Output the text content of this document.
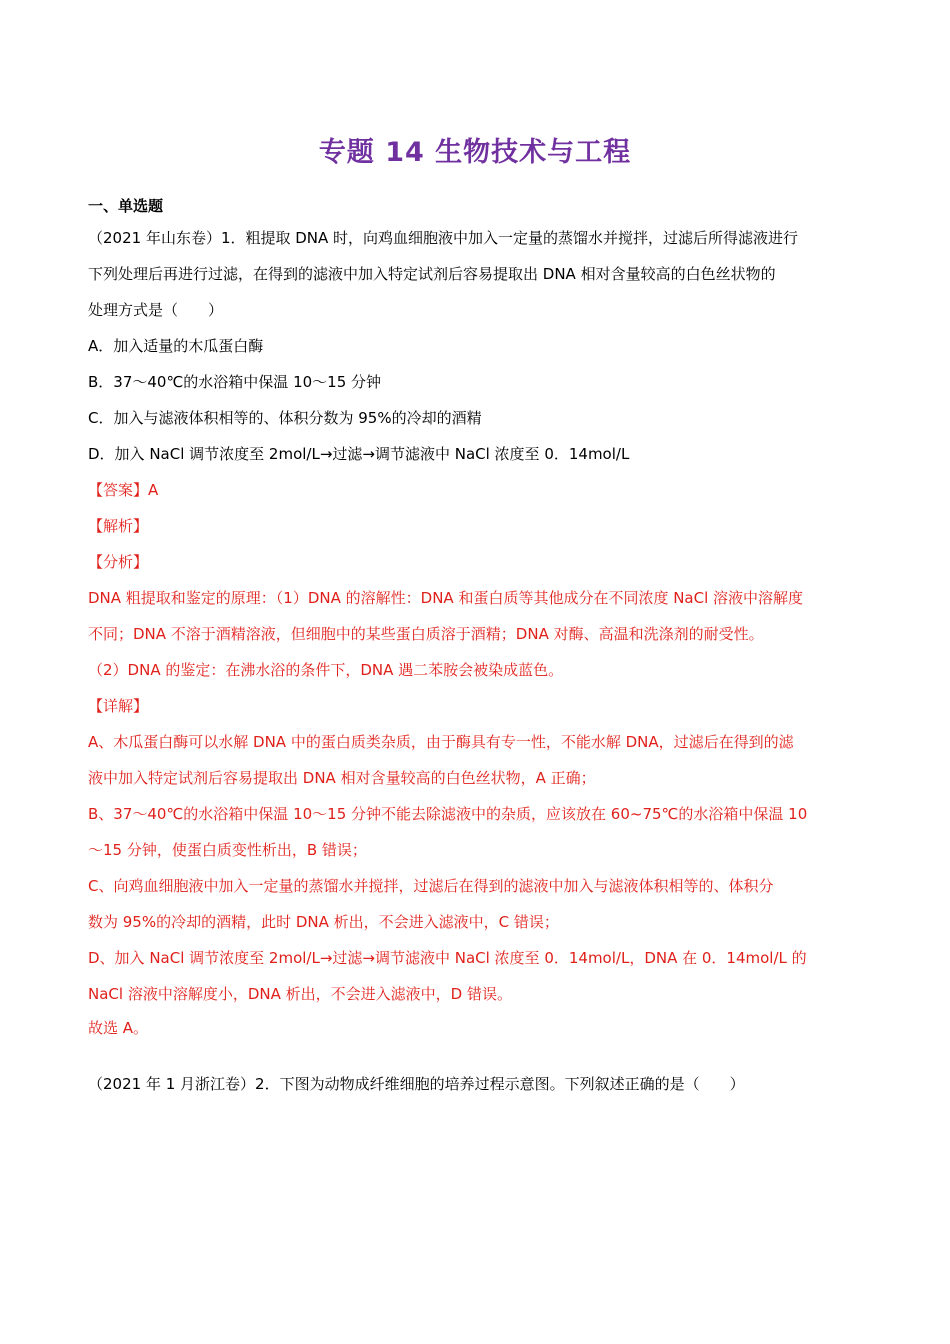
专题 14 生物技术与工程

一、单选题

（2021 年山东卷）1．粗提取 DNA 时，向鸡血细胞液中加入一定量的蒸馏水并搅拌，过滤后所得滤液进行

下列处理后再进行过滤，在得到的滤液中加入特定试剂后容易提取出 DNA 相对含量较高的白色丝状物的

处理方式是（　　）

A．加入适量的木瓜蛋白酶

B．37～40℃的水浴箱中保温 10～15 分钟

C．加入与滤液体积相等的、体积分数为 95%的冷却的酒精

D．加入 NaCl 调节浓度至 2mol/L→过滤→调节滤液中 NaCl 浓度至 0．14mol/L

【答案】A

【解析】

【分析】

DNA 粗提取和鉴定的原理：（1）DNA 的溶解性：DNA 和蛋白质等其他成分在不同浓度 NaCl 溶液中溶解度

不同；DNA 不溶于酒精溶液，但细胞中的某些蛋白质溶于酒精；DNA 对酶、高温和洗涤剂的耐受性。

（2）DNA 的鉴定：在沸水浴的条件下，DNA 遇二苯胺会被染成蓝色。

【详解】

A、木瓜蛋白酶可以水解 DNA 中的蛋白质类杂质，由于酶具有专一性，不能水解 DNA，过滤后在得到的滤

液中加入特定试剂后容易提取出 DNA 相对含量较高的白色丝状物，A 正确；

B、37～40℃的水浴箱中保温 10～15 分钟不能去除滤液中的杂质，应该放在 60~75℃的水浴箱中保温 10

～15 分钟，使蛋白质变性析出，B 错误；

C、向鸡血细胞液中加入一定量的蒸馏水并搅拌，过滤后在得到的滤液中加入与滤液体积相等的、体积分

数为 95%的冷却的酒精，此时 DNA 析出，不会进入滤液中，C 错误；

D、加入 NaCl 调节浓度至 2mol/L→过滤→调节滤液中 NaCl 浓度至 0．14mol/L，DNA 在 0．14mol/L 的

NaCl 溶液中溶解度小，DNA 析出，不会进入滤液中，D 错误。

故选 A。

（2021 年 1 月浙江卷）2．下图为动物成纤维细胞的培养过程示意图。下列叙述正确的是（　　）
